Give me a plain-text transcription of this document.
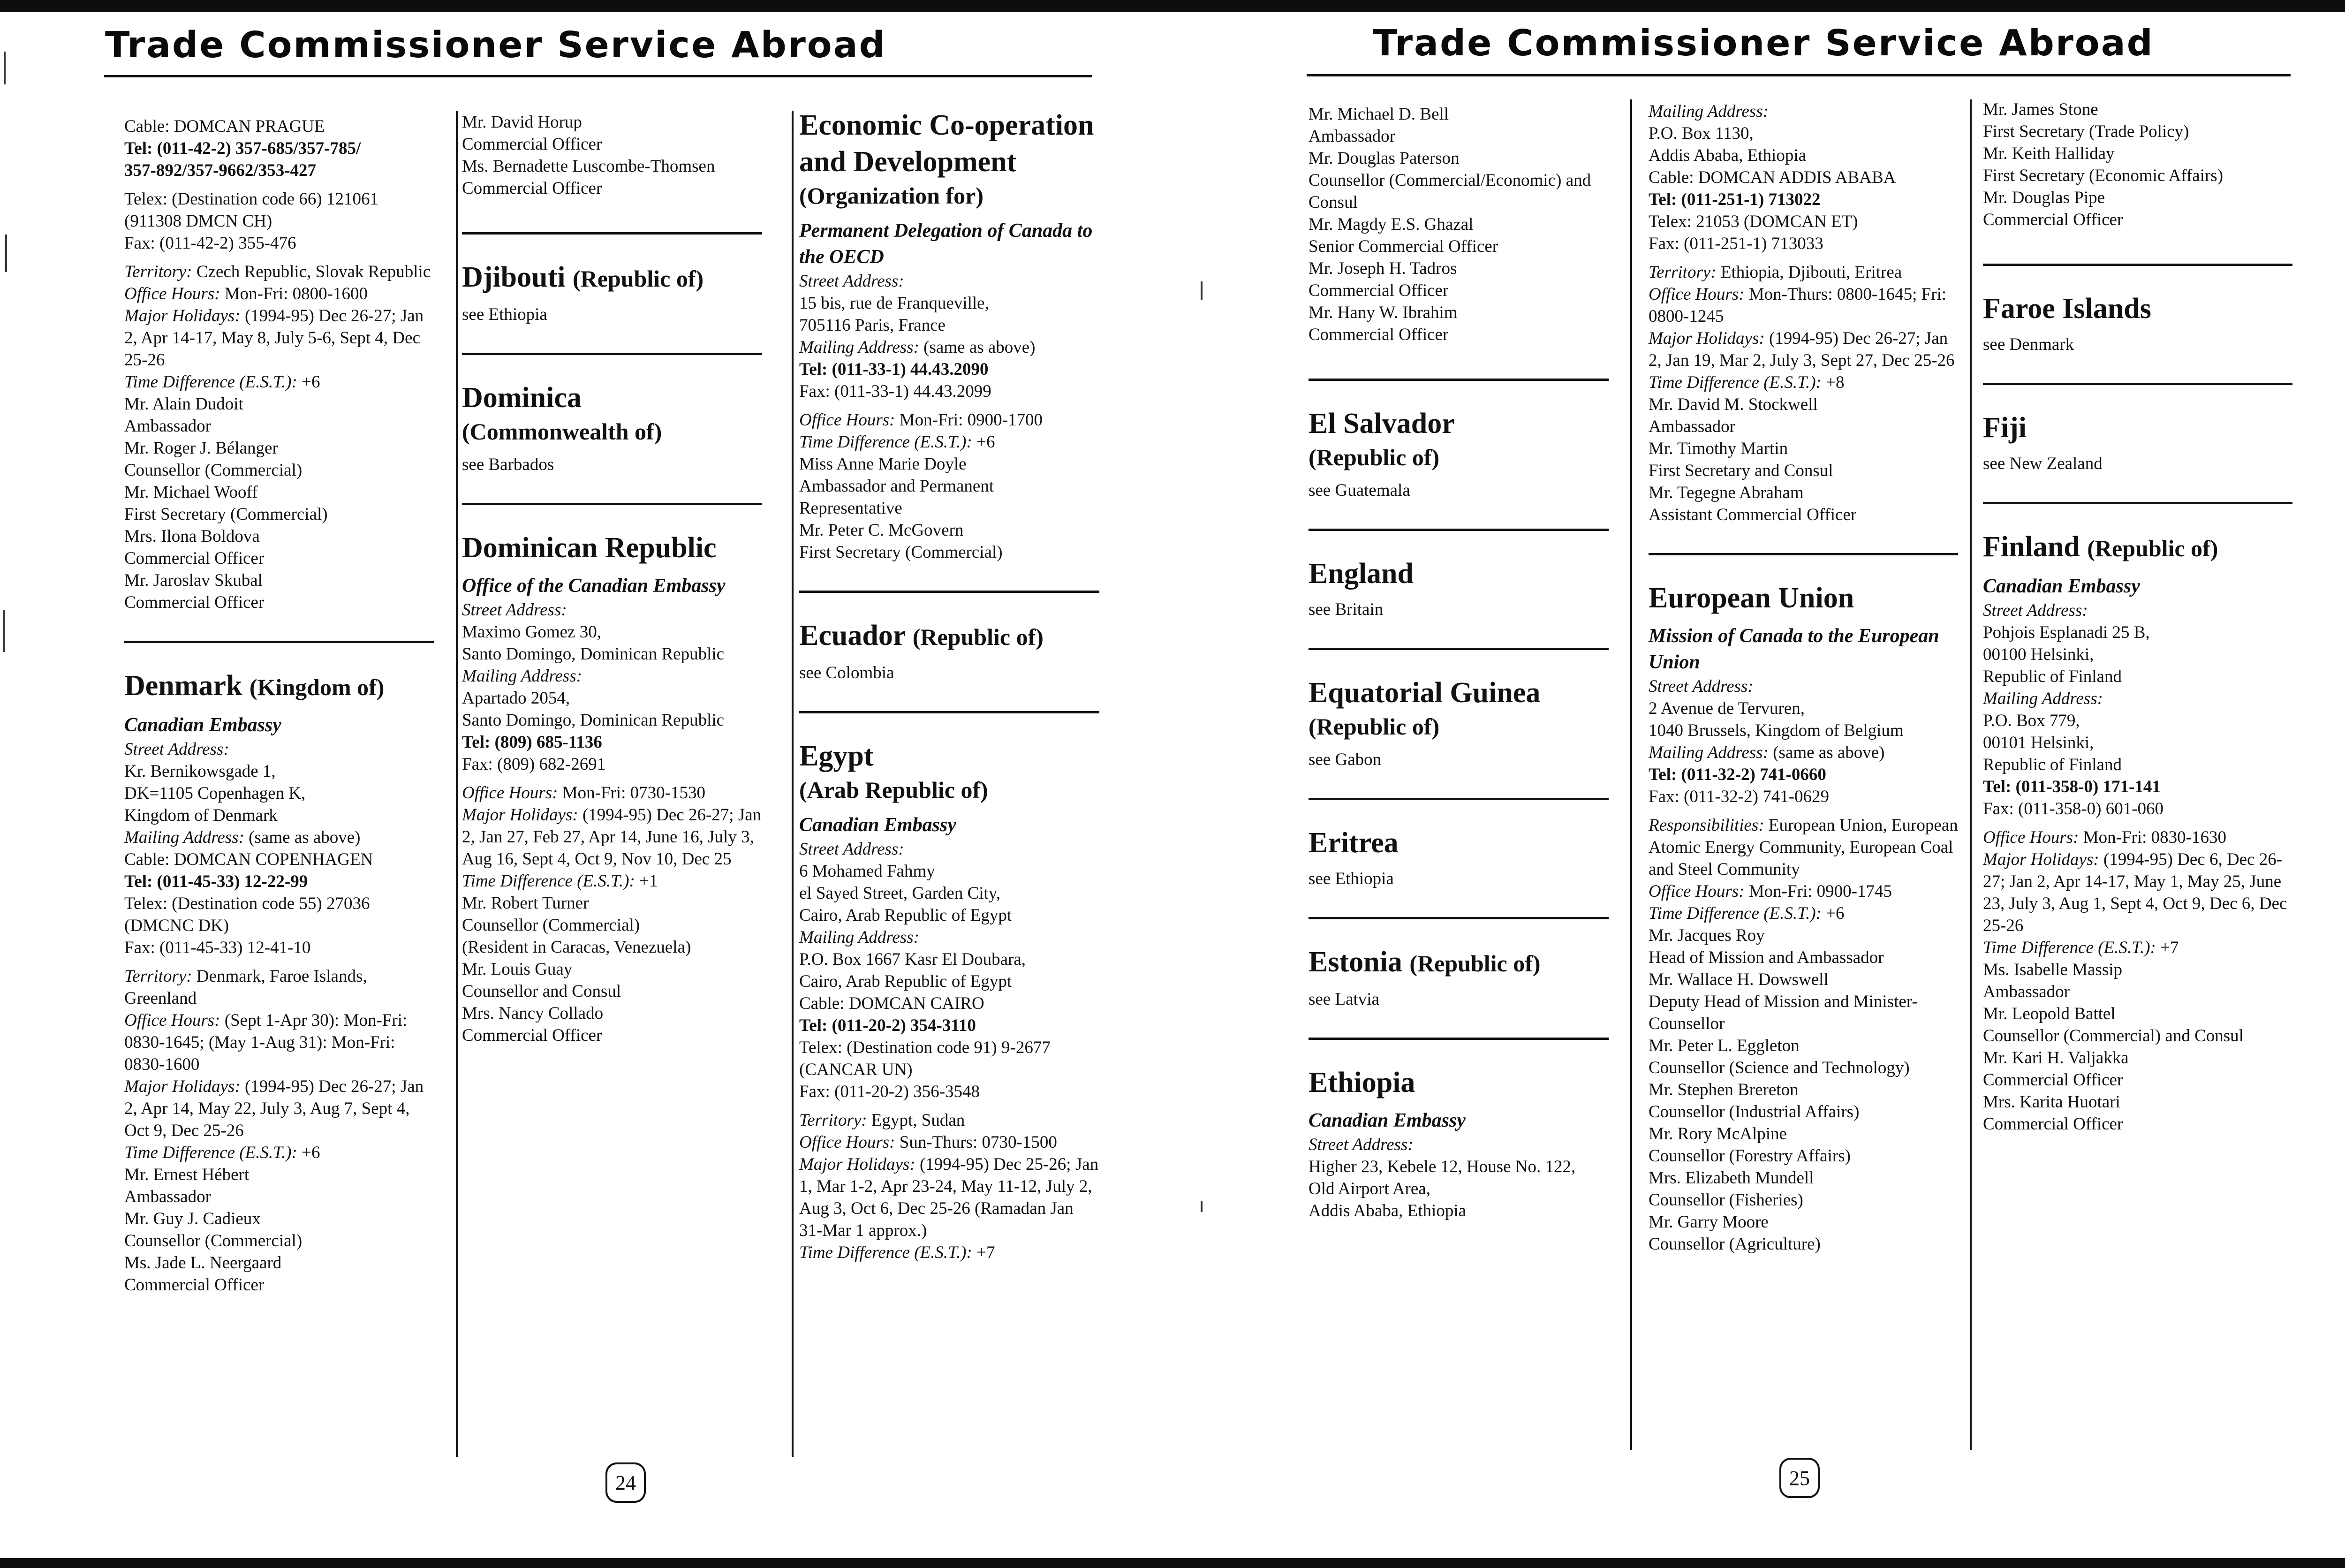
Trade Commissioner Service Abroad

Cable: DOMCAN PRAGUE

Tel: (011-42-2) 357-685/357-785/

357-892/357-9662/353-427

Telex: (Destination code 66) 121061

(911308 DMCN CH)

Fax: (011-42-2) 355-476

Territory: Czech Republic, Slovak Republic

Office Hours: Mon-Fri: 0800-1600

Major Holidays: (1994-95) Dec 26-27; Jan 2, Apr 14-17, May 8, July 5-6, Sept 4, Dec 25-26

Time Difference (E.S.T.): +6

Mr. Alain Dudoit
Ambassador

Mr. Roger J. Bélanger
Counsellor (Commercial)

Mr. Michael Wooff
First Secretary (Commercial)

Mrs. Ilona Boldova
Commercial Officer

Mr. Jaroslav Skubal
Commercial Officer

Denmark (Kingdom of)

Canadian Embassy

Street Address:
Kr. Bernikowsgade 1,
DK=1105 Copenhagen K,
Kingdom of Denmark

Mailing Address: (same as above)

Cable: DOMCAN COPENHAGEN

Tel: (011-45-33) 12-22-99

Telex: (Destination code 55) 27036

(DMCNC DK)

Fax: (011-45-33) 12-41-10

Territory: Denmark, Faroe Islands, Greenland

Office Hours: (Sept 1-Apr 30): Mon-Fri: 0830-1645; (May 1-Aug 31): Mon-Fri: 0830-1600

Major Holidays: (1994-95) Dec 26-27; Jan 2, Apr 14, May 22, July 3, Aug 7, Sept 4, Oct 9, Dec 25-26

Time Difference (E.S.T.): +6

Mr. Ernest Hébert
Ambassador

Mr. Guy J. Cadieux
Counsellor (Commercial)

Ms. Jade L. Neergaard
Commercial Officer

Mr. David Horup
Commercial Officer

Ms. Bernadette Luscombe-Thomsen
Commercial Officer

Djibouti (Republic of)

see Ethiopia

Dominica
(Commonwealth of)

see Barbados

Dominican Republic

Office of the Canadian Embassy

Street Address:
Maximo Gomez 30,
Santo Domingo, Dominican Republic

Mailing Address:
Apartado 2054,
Santo Domingo, Dominican Republic

Tel: (809) 685-1136

Fax: (809) 682-2691

Office Hours: Mon-Fri: 0730-1530

Major Holidays: (1994-95) Dec 26-27; Jan 2, Jan 27, Feb 27, Apr 14, June 16, July 3, Aug 16, Sept 4, Oct 9, Nov 10, Dec 25

Time Difference (E.S.T.): +1

Mr. Robert Turner
Counsellor (Commercial)
(Resident in Caracas, Venezuela)

Mr. Louis Guay
Counsellor and Consul

Mrs. Nancy Collado
Commercial Officer

Economic Co-operation and Development
(Organization for)

Permanent Delegation of Canada to the OECD

Street Address:
15 bis, rue de Franqueville,
705116 Paris, France

Mailing Address: (same as above)

Tel: (011-33-1) 44.43.2090

Fax: (011-33-1) 44.43.2099

Office Hours: Mon-Fri: 0900-1700

Time Difference (E.S.T.): +6

Miss Anne Marie Doyle
Ambassador and Permanent Representative

Mr. Peter C. McGovern
First Secretary (Commercial)

Ecuador (Republic of)

see Colombia

Egypt
(Arab Republic of)

Canadian Embassy

Street Address:
6 Mohamed Fahmy
el Sayed Street, Garden City,
Cairo, Arab Republic of Egypt

Mailing Address:
P.O. Box 1667 Kasr El Doubara,
Cairo, Arab Republic of Egypt

Cable: DOMCAN CAIRO

Tel: (011-20-2) 354-3110

Telex: (Destination code 91) 9-2677

(CANCAR UN)

Fax: (011-20-2) 356-3548

Territory: Egypt, Sudan

Office Hours: Sun-Thurs: 0730-1500

Major Holidays: (1994-95) Dec 25-26; Jan 1, Mar 1-2, Apr 23-24, May 11-12, July 2, Aug 3, Oct 6, Dec 25-26 (Ramadan Jan 31-Mar 1 approx.)

Time Difference (E.S.T.): +7

24
Trade Commissioner Service Abroad

Mr. Michael D. Bell
Ambassador

Mr. Douglas Paterson
Counsellor (Commercial/Economic) and Consul

Mr. Magdy E.S. Ghazal
Senior Commercial Officer

Mr. Joseph H. Tadros
Commercial Officer

Mr. Hany W. Ibrahim
Commercial Officer

El Salvador
(Republic of)

see Guatemala

England

see Britain

Equatorial Guinea
(Republic of)

see Gabon

Eritrea

see Ethiopia

Estonia (Republic of)

see Latvia

Ethiopia

Canadian Embassy

Street Address:
Higher 23, Kebele 12, House No. 122,
Old Airport Area,
Addis Ababa, Ethiopia

Mailing Address:
P.O. Box 1130,
Addis Ababa, Ethiopia

Cable: DOMCAN ADDIS ABABA

Tel: (011-251-1) 713022

Telex: 21053 (DOMCAN ET)

Fax: (011-251-1) 713033

Territory: Ethiopia, Djibouti, Eritrea

Office Hours: Mon-Thurs: 0800-1645; Fri: 0800-1245

Major Holidays: (1994-95) Dec 26-27; Jan 2, Jan 19, Mar 2, July 3, Sept 27, Dec 25-26

Time Difference (E.S.T.): +8

Mr. David M. Stockwell
Ambassador

Mr. Timothy Martin
First Secretary and Consul

Mr. Tegegne Abraham
Assistant Commercial Officer

European Union

Mission of Canada to the European Union

Street Address:
2 Avenue de Tervuren,
1040 Brussels, Kingdom of Belgium

Mailing Address: (same as above)

Tel: (011-32-2) 741-0660

Fax: (011-32-2) 741-0629

Responsibilities: European Union, European Atomic Energy Community, European Coal and Steel Community

Office Hours: Mon-Fri: 0900-1745

Time Difference (E.S.T.): +6

Mr. Jacques Roy
Head of Mission and Ambassador

Mr. Wallace H. Dowswell
Deputy Head of Mission and Minister-Counsellor

Mr. Peter L. Eggleton
Counsellor (Science and Technology)

Mr. Stephen Brereton
Counsellor (Industrial Affairs)

Mr. Rory McAlpine
Counsellor (Forestry Affairs)

Mrs. Elizabeth Mundell
Counsellor (Fisheries)

Mr. Garry Moore
Counsellor (Agriculture)

Mr. James Stone
First Secretary (Trade Policy)

Mr. Keith Halliday
First Secretary (Economic Affairs)

Mr. Douglas Pipe
Commercial Officer

Faroe Islands

see Denmark

Fiji

see New Zealand

Finland (Republic of)

Canadian Embassy

Street Address:
Pohjois Esplanadi 25 B,
00100 Helsinki,
Republic of Finland

Mailing Address:
P.O. Box 779,
00101 Helsinki,
Republic of Finland

Tel: (011-358-0) 171-141

Fax: (011-358-0) 601-060

Office Hours: Mon-Fri: 0830-1630

Major Holidays: (1994-95) Dec 6, Dec 26-27; Jan 2, Apr 14-17, May 1, May 25, June 23, July 3, Aug 1, Sept 4, Oct 9, Dec 6, Dec 25-26

Time Difference (E.S.T.): +7

Ms. Isabelle Massip
Ambassador

Mr. Leopold Battel
Counsellor (Commercial) and Consul

Mr. Kari H. Valjakka
Commercial Officer

Mrs. Karita Huotari
Commercial Officer

25
